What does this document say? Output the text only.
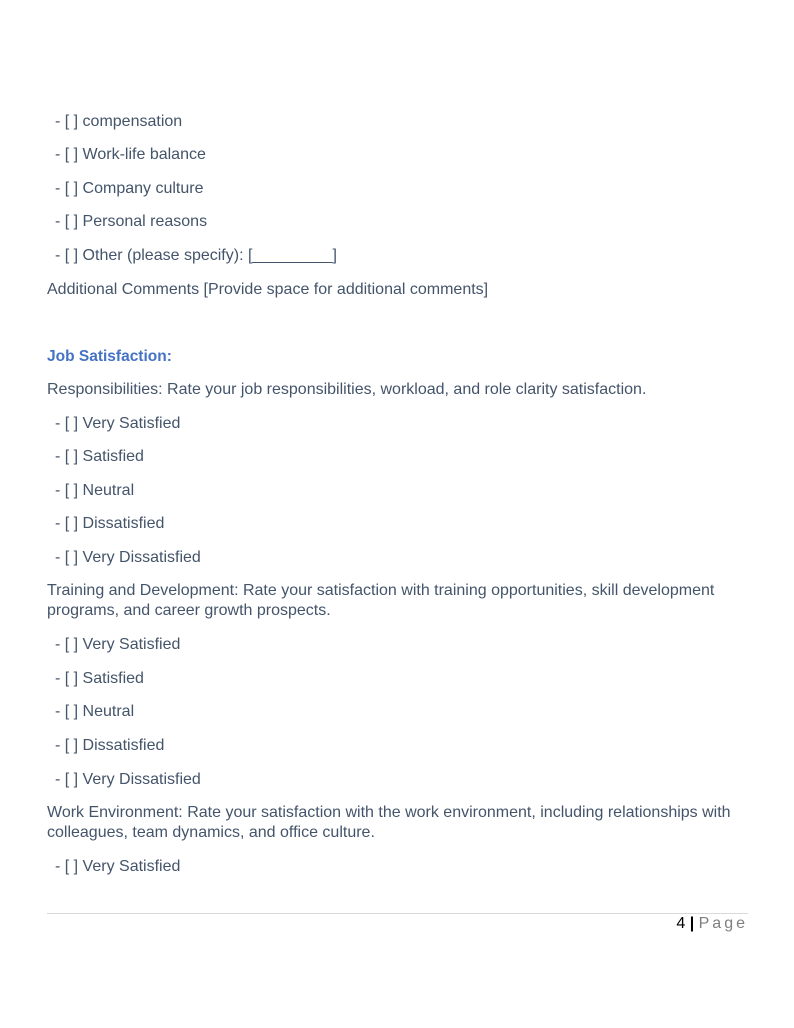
- [ ] compensation
- [ ] Work-life balance
- [ ] Company culture
- [ ] Personal reasons
- [ ] Other (please specify): [_________]
Additional Comments [Provide space for additional comments]
Job Satisfaction:
Responsibilities: Rate your job responsibilities, workload, and role clarity satisfaction.
- [ ] Very Satisfied
- [ ] Satisfied
- [ ] Neutral
- [ ] Dissatisfied
- [ ] Very Dissatisfied
Training and Development: Rate your satisfaction with training opportunities, skill development programs, and career growth prospects.
- [ ] Very Satisfied
- [ ] Satisfied
- [ ] Neutral
- [ ] Dissatisfied
- [ ] Very Dissatisfied
Work Environment: Rate your satisfaction with the work environment, including relationships with colleagues, team dynamics, and office culture.
- [ ] Very Satisfied
4 | Page
